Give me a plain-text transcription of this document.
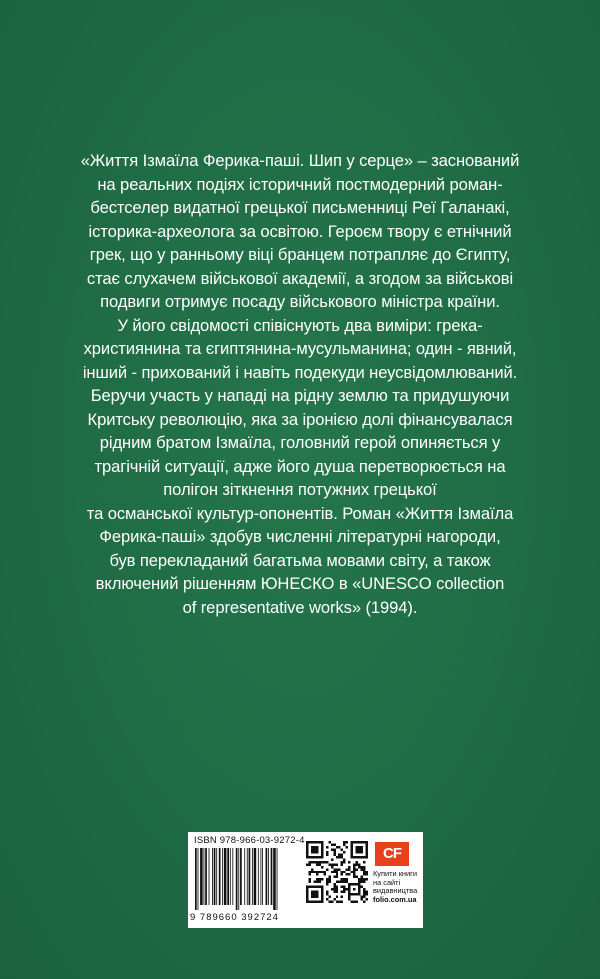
«Життя Ізмаїла Ферика-паші. Шип у серце» – заснований
на реальних подіях історичний постмодерний роман-
бестселер видатної грецької письменниці Реї Галанакі,
історика-археолога за освітою. Героєм твору є етнічний
грек, що у ранньому віці бранцем потрапляє до Єгипту,
стає слухачем військової академії, а згодом за військові
подвиги отримує посаду військового міністра країни.
У його свідомості співіснують два виміри: грека-
християнина та єгиптянина-мусульманина; один - явний,
інший - прихований і навіть подекуди неусвідомлюваний.
Беручи участь у нападі на рідну землю та придушуючи
Критську революцію, яка за іронією долі фінансувалася
рідним братом Ізмаїла, головний герой опиняється у
трагічній ситуації, адже його душа перетворюється на
полігон зіткнення потужних грецької
та османської культур-опонентів. Роман «Життя Ізмаїла
Ферика-паші» здобув численні літературні нагороди,
був перекладаний багатьма мовами світу, а також
включений рішенням ЮНЕСКО в «UNESCO collection
of representative works» (1994).

ISBN 978-966-03-9272-4
9 789660 392724
CF
Купити книги
на сайті
видавництва
folio.com.ua
